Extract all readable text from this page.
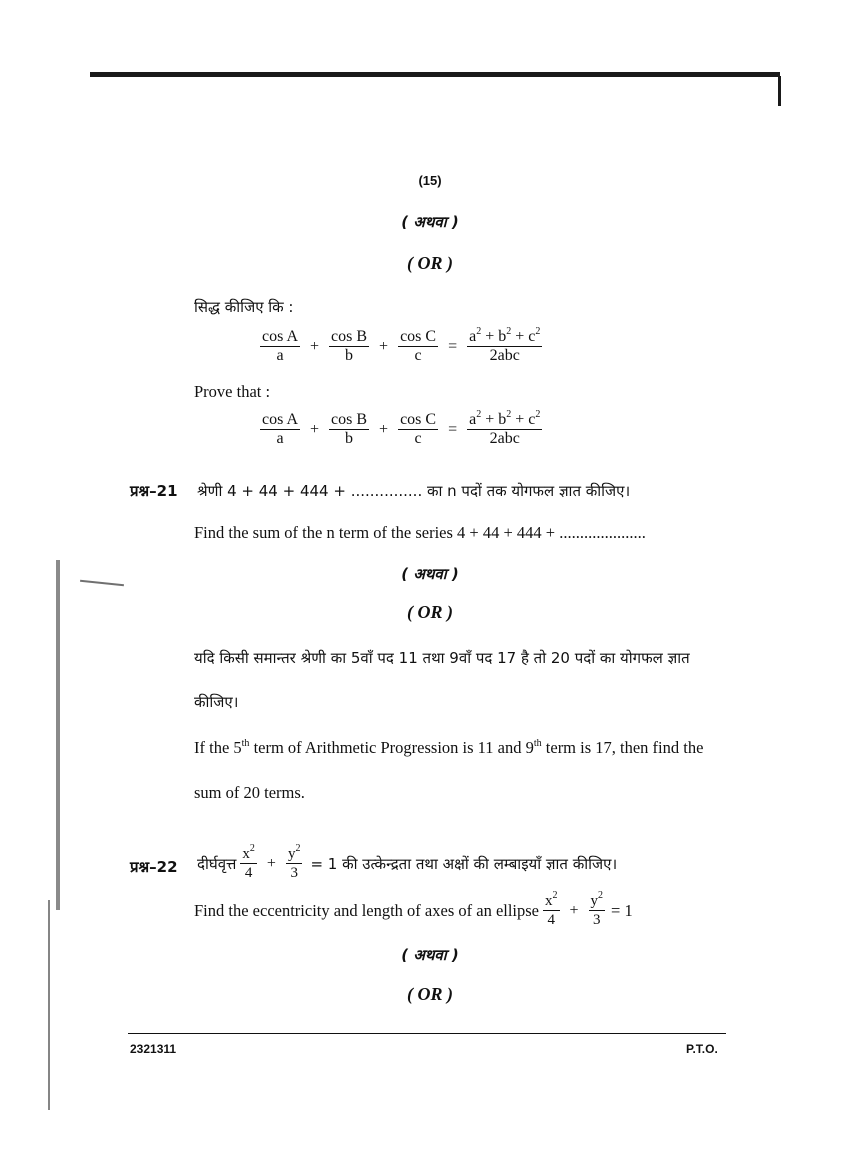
(15)
( अथवा )
( OR )
सिद्ध कीजिए कि :
$\frac{\text{cos A}}{a} + \frac{\text{cos B}}{b} + \frac{\text{cos C}}{c} = \frac{a^2 + b^2 + c^2}{\text{2abc}}$
Prove that :
$\frac{\text{cos A}}{a} + \frac{\text{cos B}}{b} + \frac{\text{cos C}}{c} = \frac{a^2 + b^2 + c^2}{\text{2abc}}$
प्रश्न–21 श्रेणी 4 + 44 + 444 + ............... का n पदों तक योगफल ज्ञात कीजिए।
Find the sum of the n term of the series 4 + 44 + 444 + .....................
( अथवा )
( OR )
यदि किसी समान्तर श्रेणी का 5वाँ पद 11 तथा 9वाँ पद 17 है तो 20 पदों का योगफल ज्ञात
कीजिए।
If the 5th term of Arithmetic Progression is 11 and 9th term is 17, then find the
sum of 20 terms.
प्रश्न–22 दीर्घवृत्त $\frac{x^2}{4} + \frac{y^2}{3} = 1$ की उत्केन्द्रता तथा अक्षों की लम्बाइयाँ ज्ञात कीजिए।
Find the eccentricity and length of axes of an ellipse $\frac{x^2}{4} + \frac{y^2}{3} = 1$
( अथवा )
( OR )
2321311	P.T.O.
